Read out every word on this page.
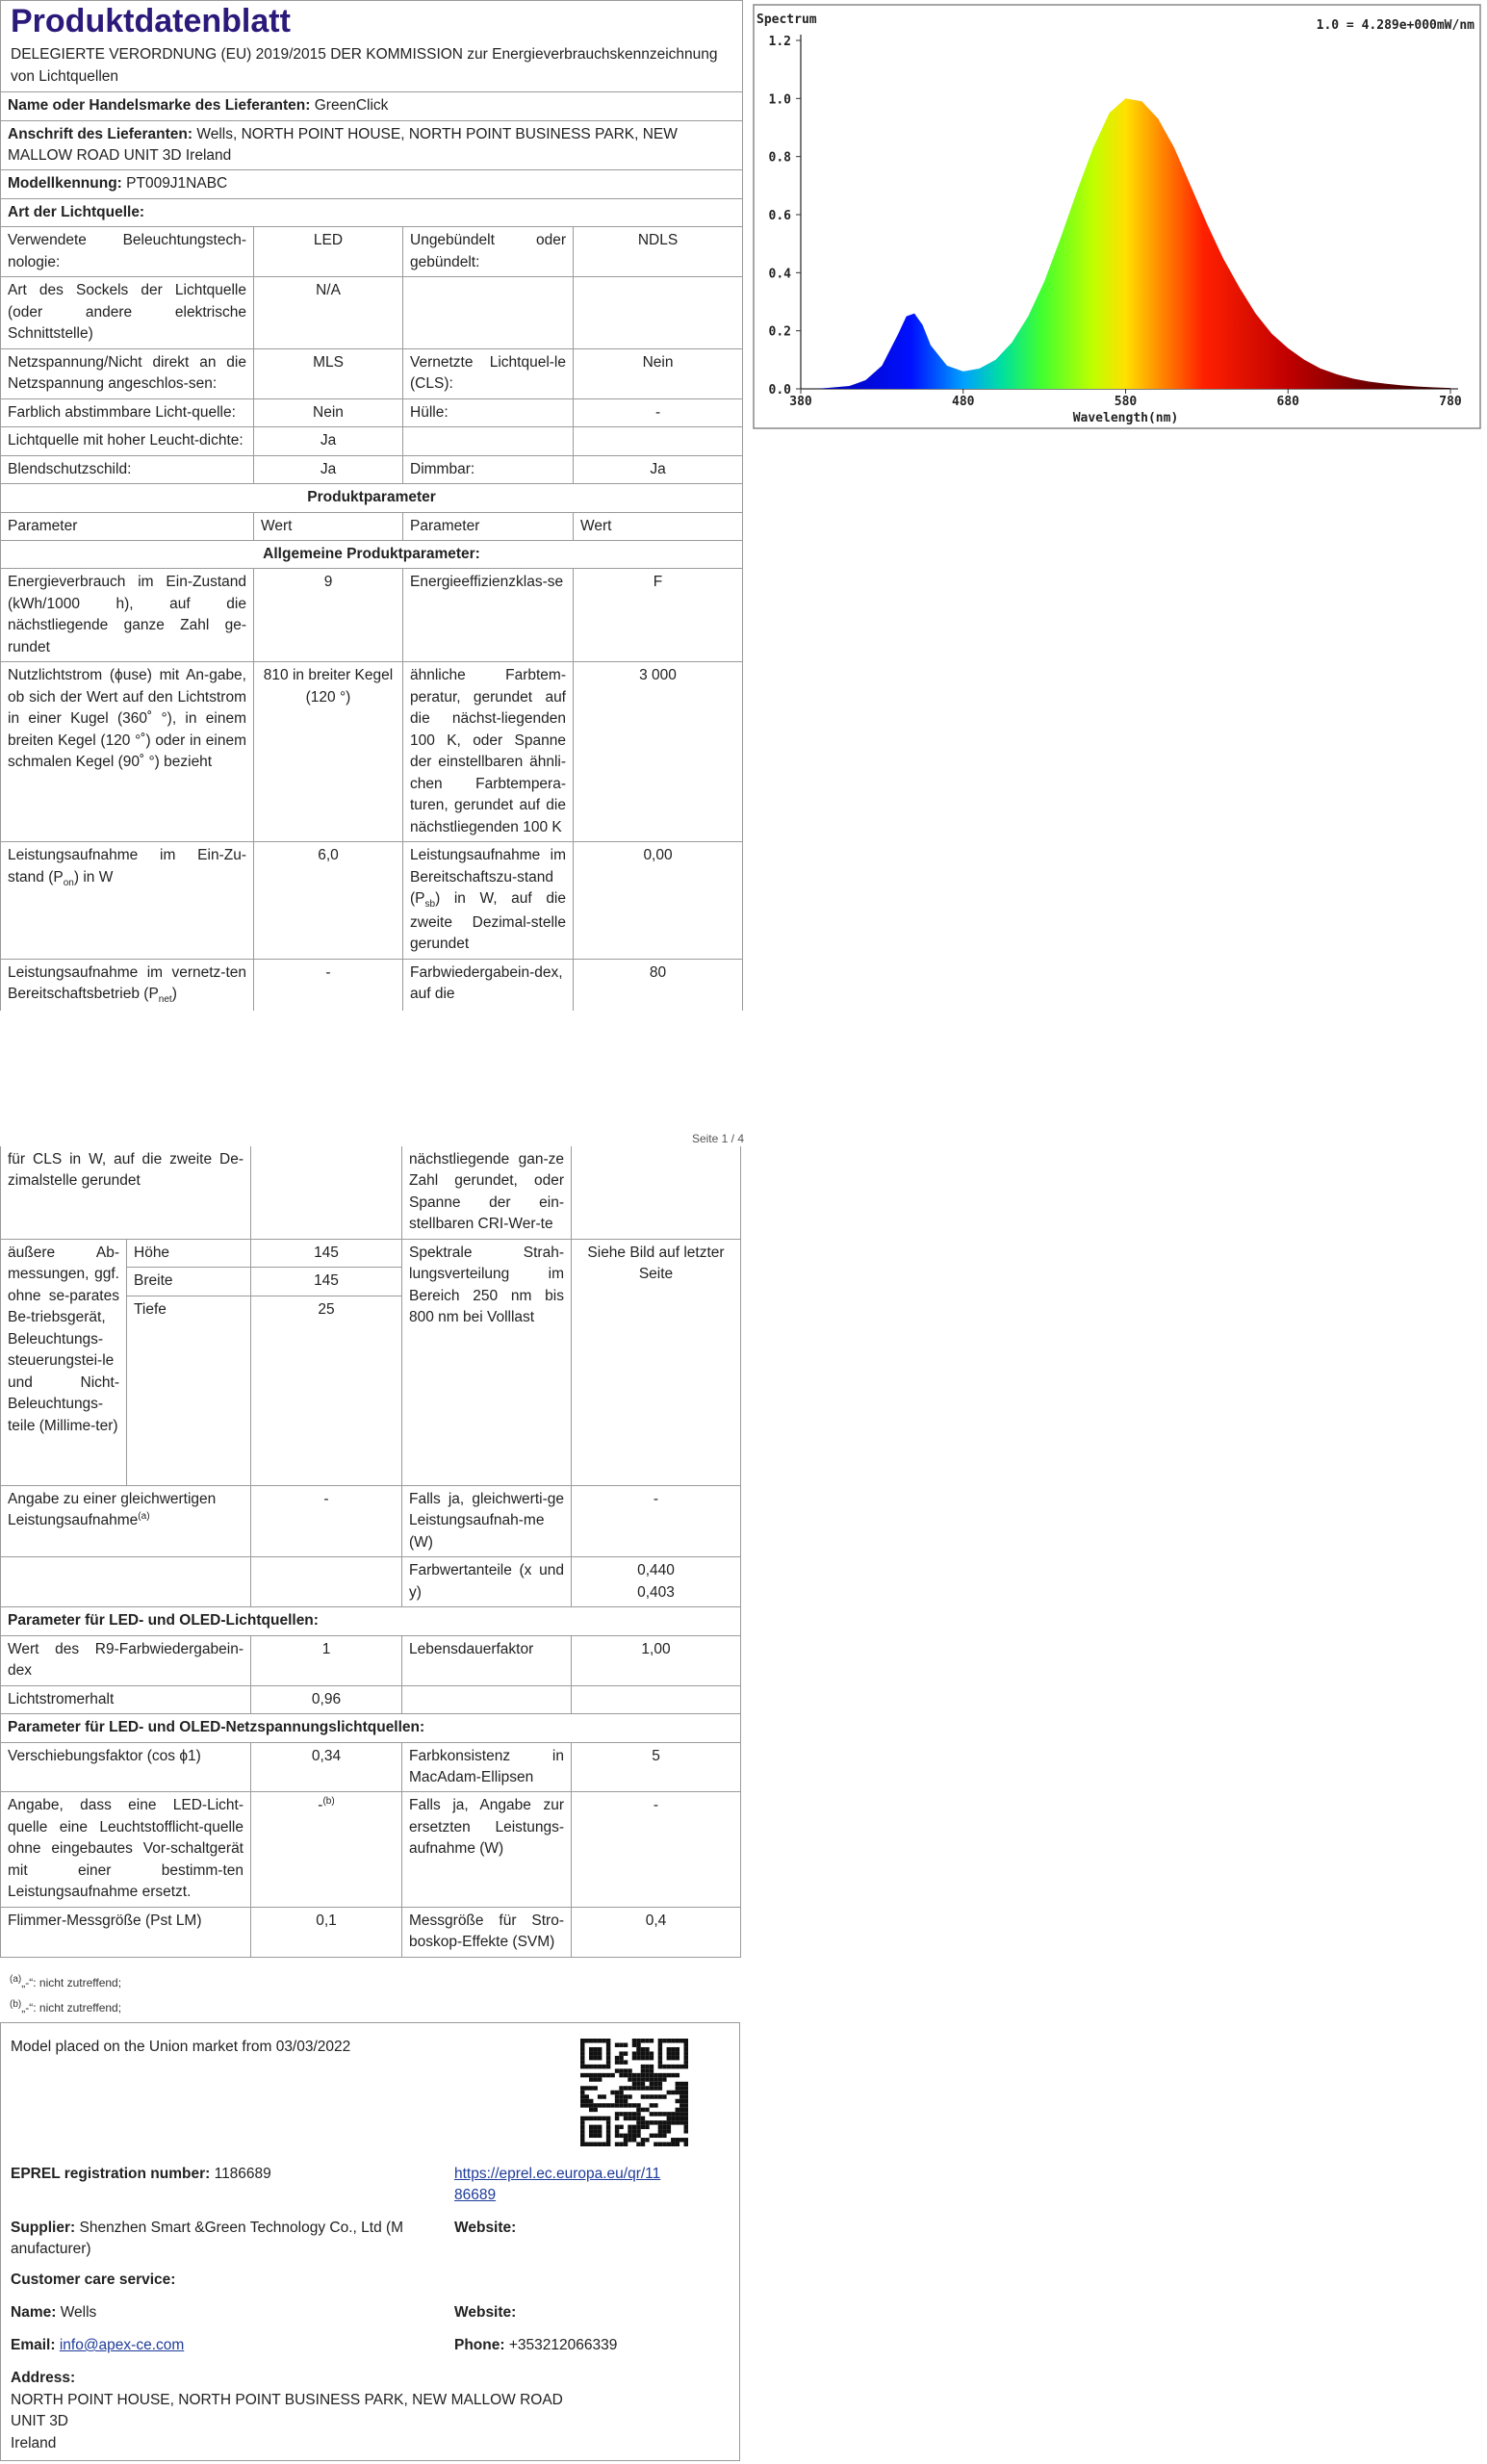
Produktdatenblatt
DELEGIERTE VERORDNUNG (EU) 2019/2015 DER KOMMISSION zur Energieverbrauchskennzeichnung von Lichtquellen			

Name oder Handelsmarke des Lieferanten: GreenClick			
Anschrift des Lieferanten: Wells, NORTH POINT HOUSE, NORTH POINT BUSINESS PARK, NEW MALLOW ROAD UNIT 3D Ireland			
Modellkennung: PT009J1NABC			
Art der Lichtquelle:			
Verwendete Beleuchtungstech-nologie:	LED	Ungebündelt oder gebündelt:	NDLS
Art des Sockels der Lichtquelle (oder andere elektrische Schnittstelle)	N/A		
Netzspannung/Nicht direkt an die Netzspannung angeschlos-sen:	MLS	Vernetzte Lichtquel-le (CLS):	Nein
Farblich abstimmbare Licht-quelle:	Nein	Hülle:	-
Lichtquelle mit hoher Leucht-dichte:	Ja		
Blendschutzschild:	Ja	Dimmbar:	Ja
Produktparameter			
Parameter	Wert	Parameter	Wert
Allgemeine Produktparameter:			
Energieverbrauch im Ein-Zustand (kWh/1000 h), auf die nächstliegende ganze Zahl ge-rundet	9	Energieeffizienzklas-se	F
Nutzlichtstrom (ϕuse) mit An-gabe, ob sich der Wert auf den Lichtstrom in einer Kugel (360˚ °), in einem breiten Kegel (120 °˚) oder in einem schmalen Kegel (90˚ °) bezieht	810 in breiter Kegel (120 °)	ähnliche Farbtem-peratur, gerundet auf die nächst-liegenden 100 K, oder Spanne der einstellbaren ähnli-chen Farbtempera-turen, gerundet auf die nächstliegenden 100 K	3 000
Leistungsaufnahme im Ein-Zu-stand $(P_{on})$ in W	6,0	Leistungsaufnahme im Bereitschaftszu-stand $(P_{sb})$ in W, auf die zweite Dezimal-stelle gerundet	0,00
Leistungsaufnahme im vernetz-ten Bereitschaftsbetrieb $(P_{net})$	-	Farbwiedergabein-dex, auf die	80
Seite 1 / 4
für CLS in W, auf die zweite De-zimalstelle gerundet			nächstliegende gan-ze Zahl gerundet, oder Spanne der ein-stellbaren CRI-Wer-te	
äußere Ab-messungen, ggf. ohne se-parates Be-triebsgerät, Beleuchtungs-steuerungstei-le und Nicht-Beleuchtungs-teile (Millime-ter)	Höhe	145	Spektrale Strah-lungsverteilung im Bereich 250 nm bis 800 nm bei Volllast	Siehe Bild auf letzter Seite
	Breite	145		
	Tiefe	25		
Angabe zu einer gleichwertigen Leistungsaufnahme$^{(a)}$		-	Falls ja, gleichwerti-ge Leistungsaufnah-me (W)	-
			Farbwertanteile (x und y)	0,440
0,403
Parameter für LED- und OLED-Lichtquellen:				
Wert des R9-Farbwiedergabein-dex		1	Lebensdauerfaktor	1,00
Lichtstromerhalt		0,96		
Parameter für LED- und OLED-Netzspannungslichtquellen:				
Verschiebungsfaktor (cos ϕ1)		0,34	Farbkonsistenz in MacAdam-Ellipsen	5
Angabe, dass eine LED-Licht-quelle eine Leuchtstofflicht-quelle ohne eingebautes Vor-schaltgerät mit einer bestimm-ten Leistungsaufnahme ersetzt.		-$^{(b)}$	Falls ja, Angabe zur ersetzten Leistungs-aufnahme (W)	-
Flimmer-Messgröße (Pst LM)		0,1	Messgröße für Stro-boskop-Effekte (SVM)	0,4
$^{(a)}$„-“: nicht zutreffend;
$^{(b)}$„-“: nicht zutreffend;
Model placed on the Union market from 03/03/2022
EPREL registration number: 1186689	https://eprel.ec.europa.eu/qr/11
86689
Supplier: Shenzhen Smart &Green Technology Co., Ltd (M
anufacturer)
Website:
Customer care service:
Name: Wells	Website:
Email: info@apex-ce.com	Phone: +353212066339
Address:
NORTH POINT HOUSE, NORTH POINT BUSINESS PARK, NEW MALLOW ROAD
UNIT 3D
Ireland
0.0
0.2
0.4
0.6
0.8
1.0
1.2
380	480	580	680	780
Spectrum	1.0 = 4.289e+000mW/nm
Wavelength(nm)
